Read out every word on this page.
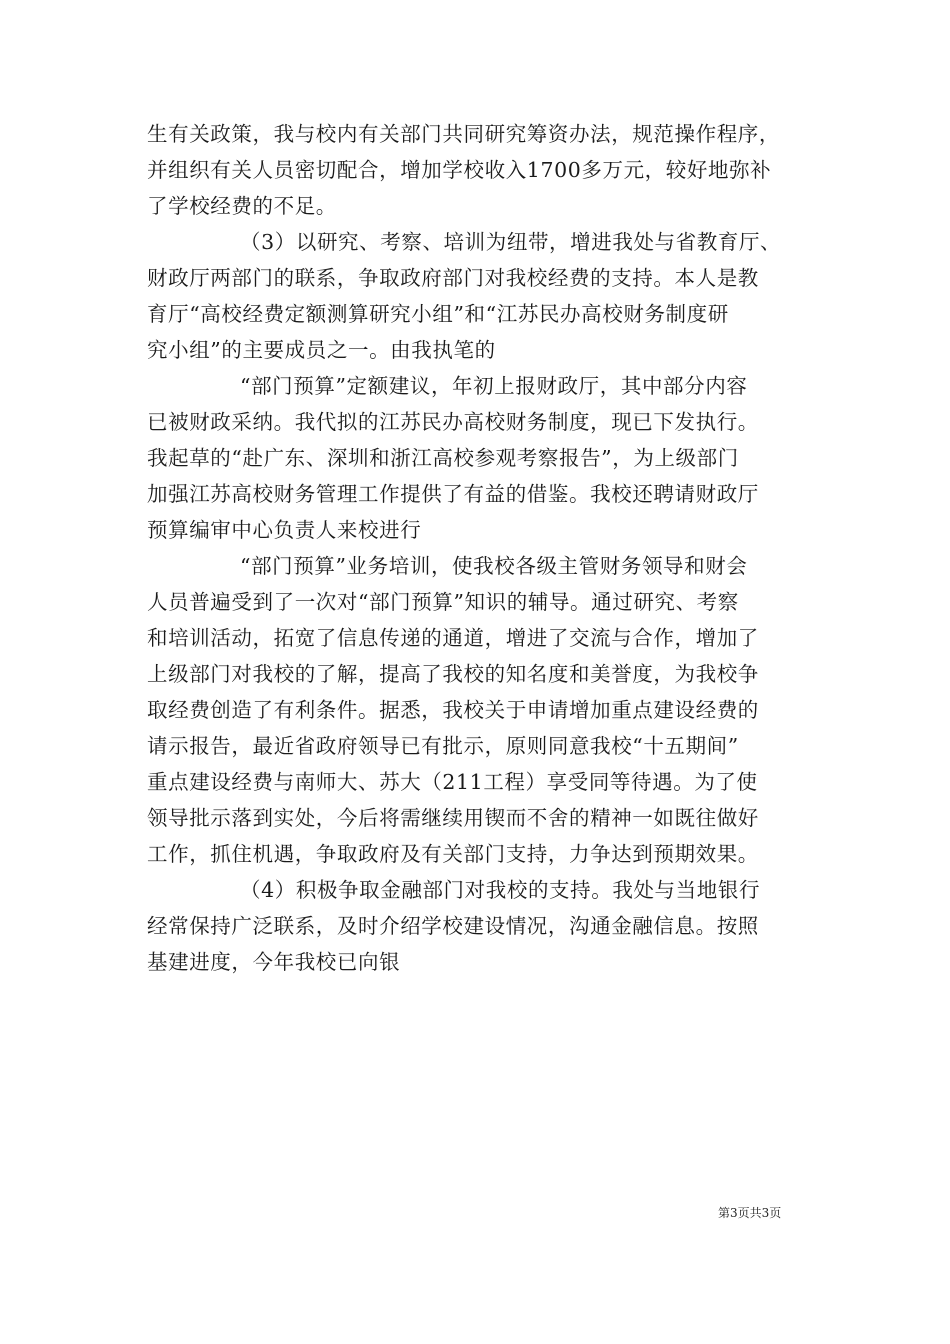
生有关政策，我与校内有关部门共同研究筹资办法，规范操作程序，
并组织有关人员密切配合，增加学校收入1700多万元，较好地弥补
了学校经费的不足。
（3）以研究、考察、培训为纽带，增进我处与省教育厅、
财政厅两部门的联系，争取政府部门对我校经费的支持。本人是教
育厅“高校经费定额测算研究小组”和“江苏民办高校财务制度研
究小组”的主要成员之一。由我执笔的
“部门预算”定额建议，年初上报财政厅，其中部分内容
已被财政采纳。我代拟的江苏民办高校财务制度，现已下发执行。
我起草的“赴广东、深圳和浙江高校参观考察报告”，为上级部门
加强江苏高校财务管理工作提供了有益的借鉴。我校还聘请财政厅
预算编审中心负责人来校进行
“部门预算”业务培训，使我校各级主管财务领导和财会
人员普遍受到了一次对“部门预算”知识的辅导。通过研究、考察
和培训活动，拓宽了信息传递的通道，增进了交流与合作，增加了
上级部门对我校的了解，提高了我校的知名度和美誉度，为我校争
取经费创造了有利条件。据悉，我校关于申请增加重点建设经费的
请示报告，最近省政府领导已有批示，原则同意我校“十五期间”
重点建设经费与南师大、苏大（211工程）享受同等待遇。为了使
领导批示落到实处，今后将需继续用锲而不舍的精神一如既往做好
工作，抓住机遇，争取政府及有关部门支持，力争达到预期效果。
（4）积极争取金融部门对我校的支持。我处与当地银行
经常保持广泛联系，及时介绍学校建设情况，沟通金融信息。按照
基建进度，今年我校已向银
第3页共3页
